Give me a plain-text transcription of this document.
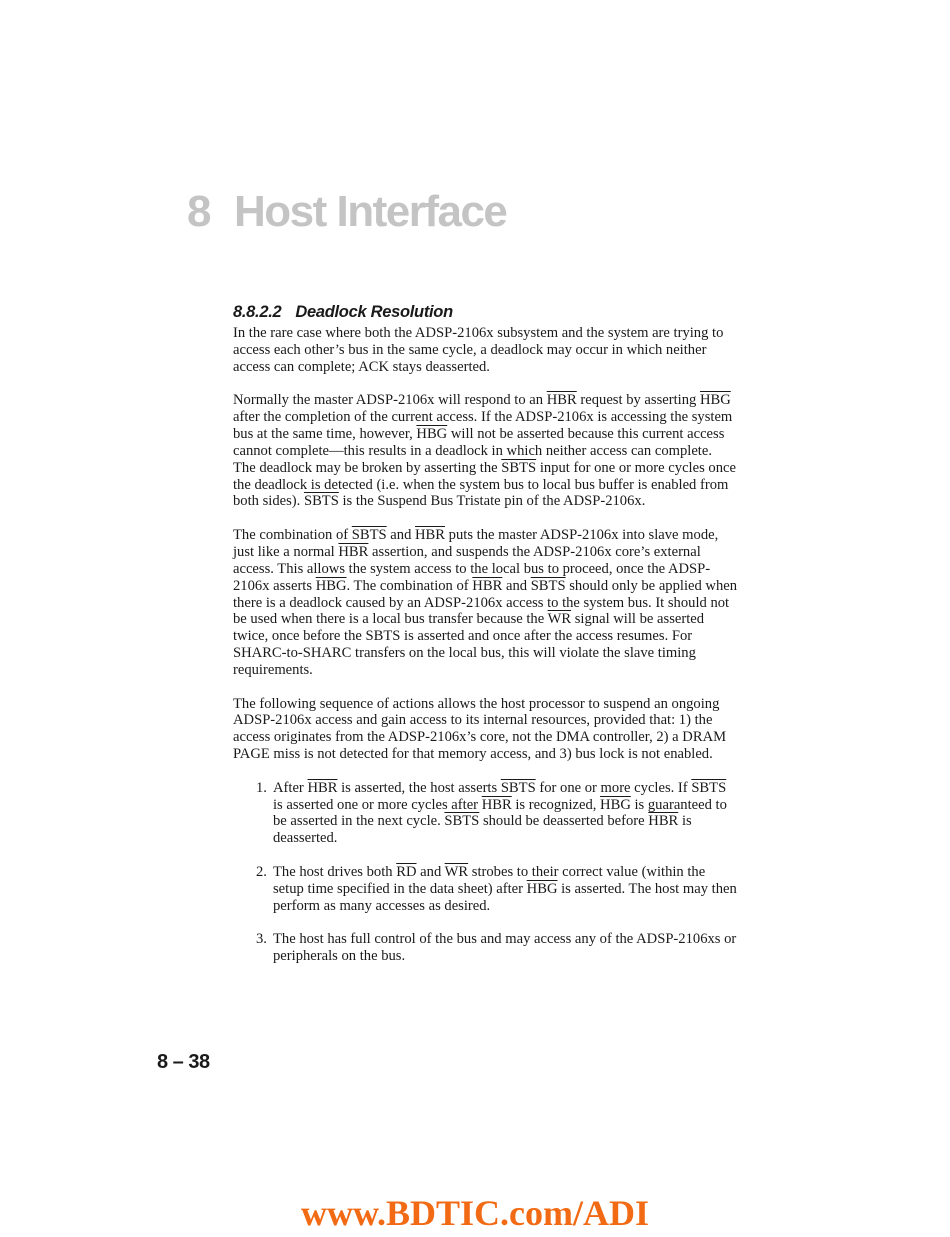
8 Host Interface
8.8.2.2 Deadlock Resolution

In the rare case where both the ADSP-2106x subsystem and the system are trying to access each other’s bus in the same cycle, a deadlock may occur in which neither access can complete; ACK stays deasserted.

Normally the master ADSP-2106x will respond to an $\overline{HBR}$ request by asserting $\overline{HBG}$ after the completion of the current access. If the ADSP-2106x is accessing the system bus at the same time, however, $\overline{HBG}$ will not be asserted because this current access cannot complete—this results in a deadlock in which neither access can complete. The deadlock may be broken by asserting the SBTS input for one or more cycles once the deadlock is detected (i.e. when the system bus to local bus buffer is enabled from both sides). SBTS is the Suspend Bus Tristate pin of the ADSP-2106x.

The combination of SBTS and $\overline{HBR}$ puts the master ADSP-2106x into slave mode, just like a normal $\overline{HBR}$ assertion, and suspends the ADSP-2106x core’s external access. This allows the system access to the local bus to proceed, once the ADSP-2106x asserts $\overline{HBG}$. The combination of $\overline{HBR}$ and SBTS should only be applied when there is a deadlock caused by an ADSP-2106x access to the system bus. It should not be used when there is a local bus transfer because the $\overline{WR}$ signal will be asserted twice, once before the SBTS is asserted and once after the access resumes. For SHARC-to-SHARC transfers on the local bus, this will violate the slave timing requirements.

The following sequence of actions allows the host processor to suspend an ongoing ADSP-2106x access and gain access to its internal resources, provided that: 1) the access originates from the ADSP-2106x’s core, not the DMA controller, 2) a DRAM PAGE miss is not detected for that memory access, and 3) bus lock is not enabled.

1. After $\overline{HBR}$ is asserted, the host asserts SBTS for one or more cycles. If SBTS is asserted one or more cycles after $\overline{HBR}$ is recognized, $\overline{HBG}$ is guaranteed to be asserted in the next cycle. SBTS should be deasserted before $\overline{HBR}$ is deasserted.
2. The host drives both $\overline{RD}$ and $\overline{WR}$ strobes to their correct value (within the setup time specified in the data sheet) after $\overline{HBG}$ is asserted. The host may then perform as many accesses as desired.
3. The host has full control of the bus and may access any of the ADSP-2106xs or peripherals on the bus.
8 – 38
www.BDTIC.com/ADI
